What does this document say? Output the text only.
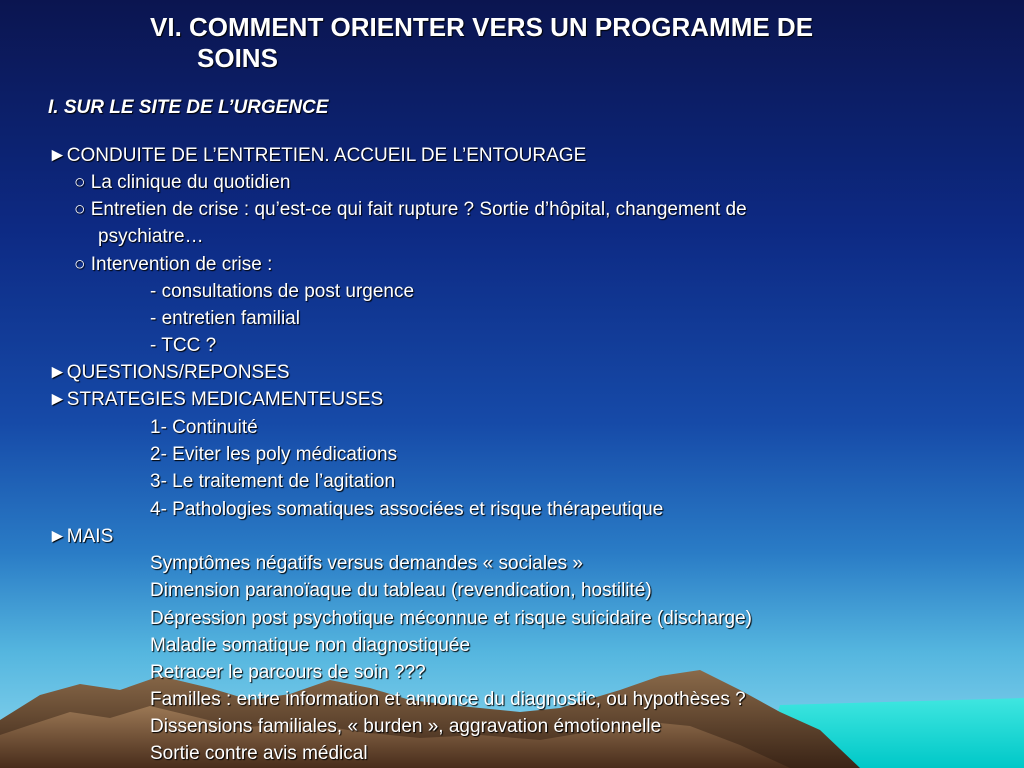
VI. COMMENT ORIENTER VERS UN PROGRAMME DE
SOINS
I. SUR LE SITE DE L’URGENCE
►CONDUITE DE L’ENTRETIEN. ACCUEIL DE L’ENTOURAGE
○ La clinique du quotidien
○ Entretien de crise : qu’est-ce qui fait rupture ? Sortie d’hôpital, changement de
psychiatre…
○ Intervention de crise :
- consultations de post urgence
- entretien familial
- TCC ?
►QUESTIONS/REPONSES
►STRATEGIES MEDICAMENTEUSES
1- Continuité
2- Eviter les poly médications
3- Le traitement de l’agitation
4- Pathologies somatiques associées et risque thérapeutique
►MAIS
Symptômes négatifs versus demandes « sociales »
Dimension paranoïaque du tableau (revendication, hostilité)
Dépression post psychotique méconnue et risque suicidaire (discharge)
Maladie somatique non diagnostiquée
Retracer le parcours de soin ???
Familles : entre information et annonce du diagnostic, ou hypothèses ?
Dissensions familiales, « burden », aggravation émotionnelle
Sortie contre avis médical
